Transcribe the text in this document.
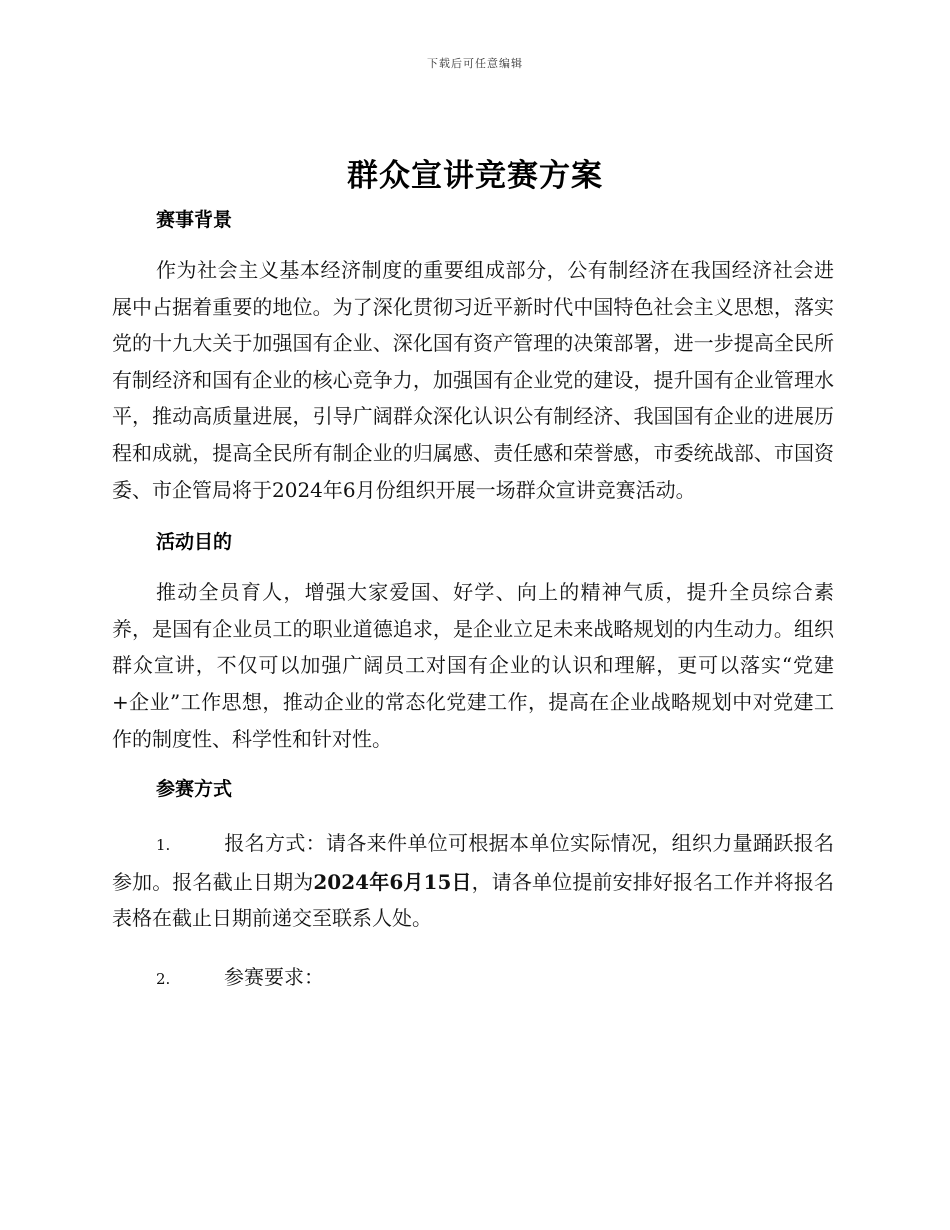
下载后可任意编辑
群众宣讲竞赛方案
赛事背景

作为社会主义基本经济制度的重要组成部分，公有制经济在我国经济社会进展中占据着重要的地位。为了深化贯彻习近平新时代中国特色社会主义思想，落实党的十九大关于加强国有企业、深化国有资产管理的决策部署，进一步提高全民所有制经济和国有企业的核心竞争力，加强国有企业党的建设，提升国有企业管理水平，推动高质量进展，引导广阔群众深化认识公有制经济、我国国有企业的进展历程和成就，提高全民所有制企业的归属感、责任感和荣誉感，市委统战部、市国资委、市企管局将于2024年6月份组织开展一场群众宣讲竞赛活动。

活动目的

推动全员育人，增强大家爱国、好学、向上的精神气质，提升全员综合素养，是国有企业员工的职业道德追求，是企业立足未来战略规划的内生动力。组织群众宣讲，不仅可以加强广阔员工对国有企业的认识和理解，更可以落实“党建+企业”工作思想，推动企业的常态化党建工作，提高在企业战略规划中对党建工作的制度性、科学性和针对性。

参赛方式

1.	报名方式：请各来件单位可根据本单位实际情况，组织力量踊跃报名参加。报名截止日期为2024年6月15日，请各单位提前安排好报名工作并将报名表格在截止日期前递交至联系人处。

2.	参赛要求：
